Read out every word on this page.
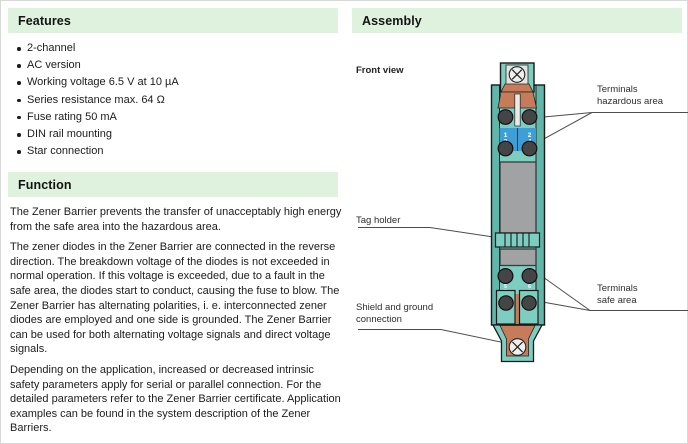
Features
2-channel
AC version
Working voltage 6.5 V at 10 µA
Series resistance max. 64 Ω
Fuse rating 50 mA
DIN rail mounting
Star connection
Function

The Zener Barrier prevents the transfer of unacceptably high energy from the safe area into the hazardous area.

The zener diodes in the Zener Barrier are connected in the reverse direction. The breakdown voltage of the diodes is not exceeded in normal operation. If this voltage is exceeded, due to a fault in the safe area, the diodes start to conduct, causing the fuse to blow. The Zener Barrier has alternating polarities, i. e. interconnected zener diodes are employed and one side is grounded. The Zener Barrier can be used for both alternating voltage signals and direct voltage signals.

Depending on the application, increased or decreased intrinsic safety parameters apply for serial or parallel connection. For the detailed parameters refer to the Zener Barrier certificate. Application examples can be found in the system description of the Zener Barriers.

Assembly
Front view
Terminals
hazardous area
Tag holder
Terminals
safe area
Shield and ground
connection
1	2
5	6
